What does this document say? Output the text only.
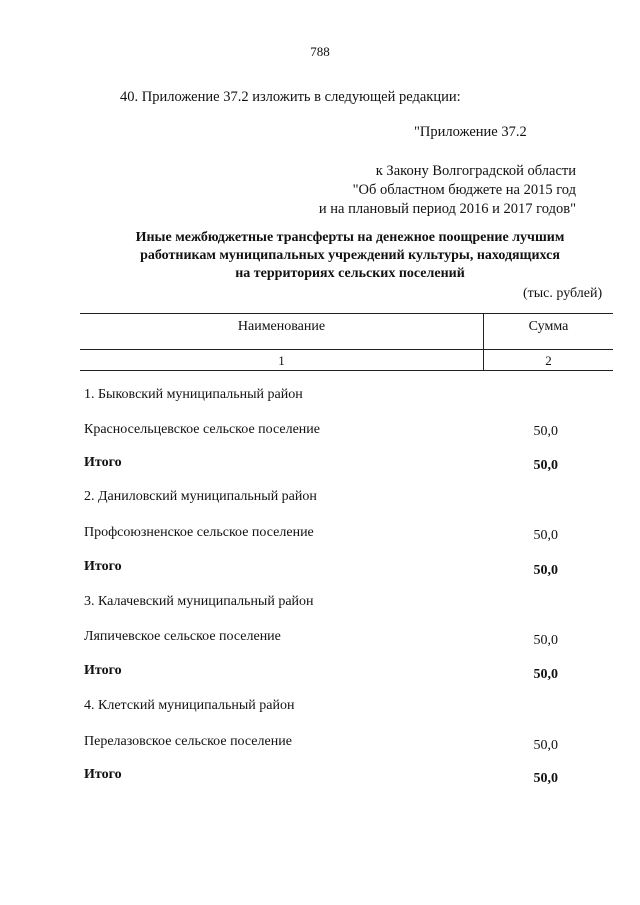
788
40. Приложение 37.2 изложить в следующей редакции:
"Приложение 37.2
к Закону Волгоградской области
"Об областном бюджете на 2015 год
и на плановый период 2016 и 2017 годов"
Иные межбюджетные трансферты на денежное поощрение лучшим
работникам муниципальных учреждений культуры, находящихся
на территориях сельских поселений
(тыс. рублей)
Наименование	Сумма
1	2
1. Быковский муниципальный район
Красносельцевское сельское поселение	50,0
Итого	50,0
2. Даниловский муниципальный район
Профсоюзненское сельское поселение	50,0
Итого	50,0
3. Калачевский муниципальный район
Ляпичевское сельское поселение	50,0
Итого	50,0
4. Клетский муниципальный район
Перелазовское сельское поселение	50,0
Итого	50,0
